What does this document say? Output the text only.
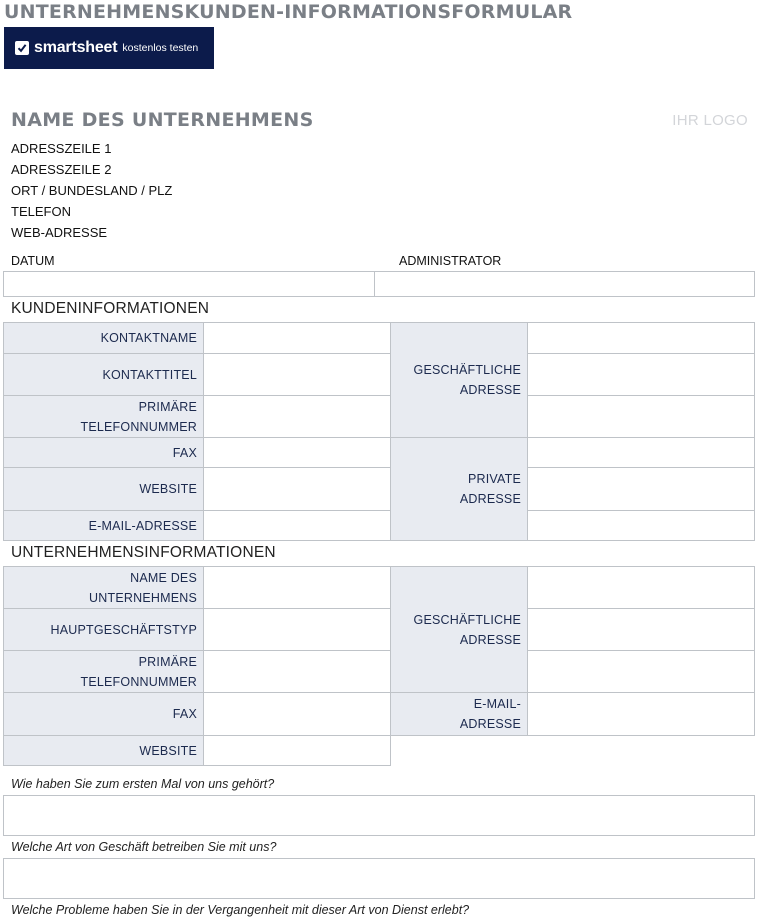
UNTERNEHMENSKUNDEN-INFORMATIONSFORMULAR
smartsheet kostenlos testen
NAME DES UNTERNEHMENS	IHR LOGO
ADRESSZEILE 1
ADRESSZEILE 2
ORT / BUNDESLAND / PLZ
TELEFON
WEB-ADRESSE
DATUM	ADMINISTRATOR
KUNDENINFORMATIONEN
KONTAKTNAME
KONTAKTTITEL
PRIMÄRE TELEFONNUMMER
FAX
WEBSITE
E-MAIL-ADRESSE
GESCHÄFTLICHE ADRESSE
PRIVATE ADRESSE
UNTERNEHMENSINFORMATIONEN
NAME DES UNTERNEHMENS
HAUPTGESCHÄFTSTYP
PRIMÄRE TELEFONNUMMER
FAX
WEBSITE
GESCHÄFTLICHE ADRESSE
E-MAIL-ADRESSE
Wie haben Sie zum ersten Mal von uns gehört?
Welche Art von Geschäft betreiben Sie mit uns?
Welche Probleme haben Sie in der Vergangenheit mit dieser Art von Dienst erlebt?
